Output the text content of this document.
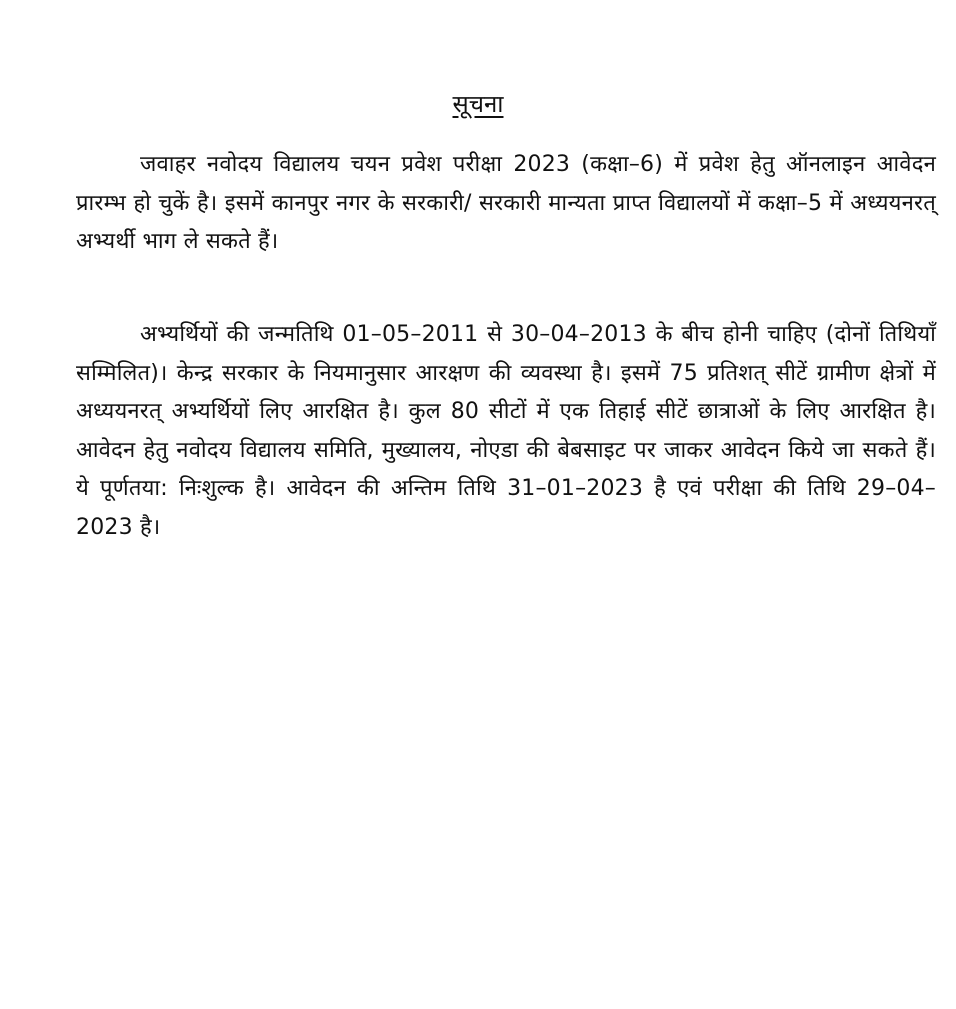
सूचना
जवाहर नवोदय विद्यालय चयन प्रवेश परीक्षा 2023 (कक्षा–6) में प्रवेश हेतु ऑनलाइन आवेदन प्रारम्भ हो चुकें है। इसमें कानपुर नगर के सरकारी/ सरकारी मान्यता प्राप्त विद्यालयों में कक्षा–5 में अध्ययनरत् अभ्यर्थी भाग ले सकते हैं।
अभ्यर्थियों की जन्मतिथि 01–05–2011 से 30–04–2013 के बीच होनी चाहिए (दोनों तिथियाँ सम्मिलित)। केन्द्र सरकार के नियमानुसार आरक्षण की व्यवस्था है। इसमें 75 प्रतिशत् सीटें ग्रामीण क्षेत्रों में अध्ययनरत् अभ्यर्थियों लिए आरक्षित है। कुल 80 सीटों में एक तिहाई सीटें छात्राओं के लिए आरक्षित है। आवेदन हेतु नवोदय विद्यालय समिति, मुख्यालय, नोएडा की बेबसाइट पर जाकर आवेदन किये जा सकते हैं। ये पूर्णतया: निःशुल्क है। आवेदन की अन्तिम तिथि 31–01–2023 है एवं परीक्षा की तिथि 29–04–2023 है।
